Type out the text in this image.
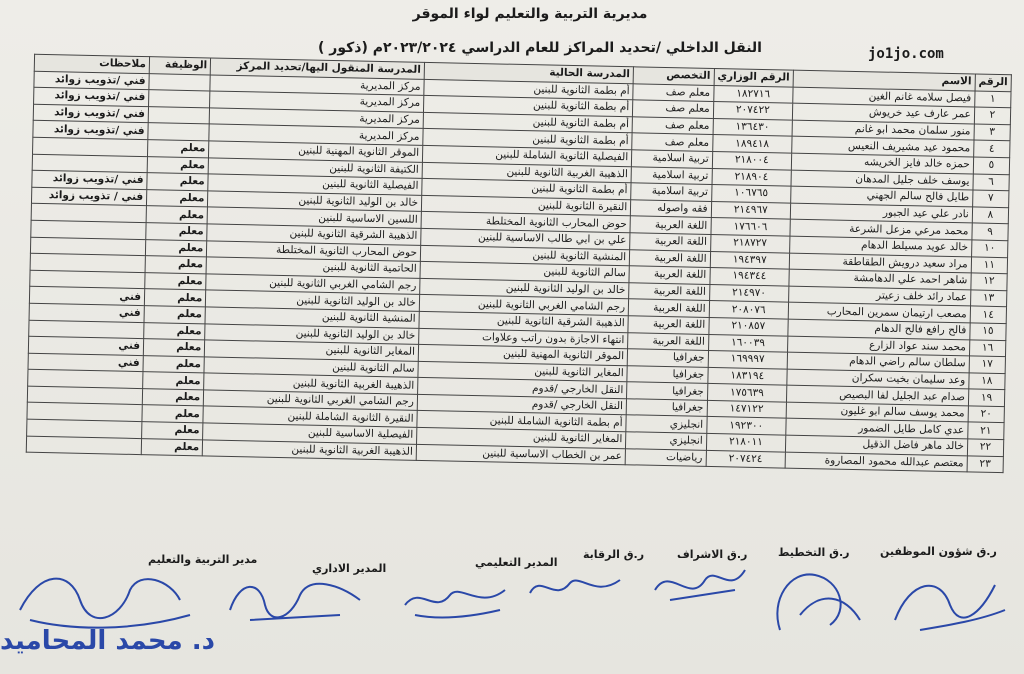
مديرية التربية والتعليم لواء الموقر
النقل الداخلي /تحديد المراكز للعام الدراسي ٢٠٢٣/٢٠٢٤م (ذكور )	jo1jo.com
الرقم	الاسم	الرقم الوزاري	التخصص	المدرسة الحالية	المدرسة المنقول اليها/تحديد المركز	الوظيفة	ملاحظات
١	فيصل سلامه غانم الغين	١٨٢٧١٦	معلم صف	أم بطمة الثانوية للبنين	مركز المديرية		فني /تذويب زوائد
٢	عمر عارف عيد خريوش	٢٠٧٤٢٢	معلم صف	أم بطمة الثانوية للبنين	مركز المديرية		فني /تذويب زوائد
٣	منور سلمان محمد ابو غانم	١٣٦٤٣٠	معلم صف	أم بطمة الثانوية للبنين	مركز المديرية		فني /تذويب زوائد
٤	محمود عيد مشيريف النعيس	١٨٩٤١٨	معلم صف	أم بطمة الثانوية للبنين	مركز المديرية		فني /تذويب زوائد
٥	حمزه خالد فايز الخريشه	٢١٨٠٠٤	تربية اسلامية	الفيصلية الثانوية الشاملة للبنين	الموقر الثانوية المهنية للبنين	معلم	
٦	يوسف خلف جليل المدهان	٢١٨٩٠٤	تربية اسلامية	الذهيبة الغربية الثانوية للبنين	الكتيفة الثانوية للبنين	معلم	
٧	طايل فالح سالم الجهني	١٠٦٧٦٥	تربية اسلامية	أم بطمة الثانوية للبنين	الفيصلية الثانوية للبنين	معلم	فني /تذويب زوائد
٨	نادر علي عيد الجبور	٢١٤٩٦٧	فقه واصوله	النقيرة الثانوية للبنين	خالد بن الوليد الثانوية للبنين	معلم	فني / تذويب زوائد
٩	محمد مرعي مزعل الشرعة	١٧٦٦٠٦	اللغة العربية	حوض المحارب الثانوية المختلطة	اللسين الاساسية للبنين	معلم	
١٠	خالد عويد مسيلط الدهام	٢١٨٧٢٧	اللغة العربية	علي بن ابي طالب الاساسية للبنين	الذهيبة الشرقية الثانوية للبنين	معلم	
١١	مراد سعيد درويش الطقاطقة	١٩٤٣٩٧	اللغة العربية	المنشية الثانوية للبنين	حوض المحارب الثانوية المختلطة	معلم	
١٢	شاهر احمد علي الدهامشة	١٩٤٣٤٤	اللغة العربية	سالم الثانوية للبنين	الحاتمية الثانوية للبنين	معلم	
١٣	عماد رائد خلف زعيتر	٢١٤٩٧٠	اللغة العربية	خالد بن الوليد الثانوية للبنين	رجم الشامي الغربي الثانوية للبنين	معلم	
١٤	مصعب ارتيمان سمرين المحارب	٢٠٨٠٧٦	اللغة العربية	رجم الشامي الغربي الثانوية للبنين	خالد بن الوليد الثانوية للبنين	معلم	فني
١٥	فالح رافع فالح الدهام	٢١٠٨٥٧	اللغة العربية	الذهيبة الشرقية الثانوية للبنين	المنشية الثانوية للبنين	معلم	فني
١٦	محمد سند عواد الزارع	١٦٠٠٣٩	اللغة العربية	انتهاء الاجازة بدون راتب وعلاوات	خالد بن الوليد الثانوية للبنين	معلم	
١٧	سلطان سالم راضي الدهام	١٦٩٩٩٧	جغرافيا	الموقر الثانوية المهنية للبنين	المغاير الثانوية للبنين	معلم	فني
١٨	وعد سليمان بخيت سكران	١٨٣١٩٤	جغرافيا	المغاير الثانوية للبنين	سالم الثانوية للبنين	معلم	فني
١٩	صدام عبد الجليل لفا البصيص	١٧٥٦٣٩	جغرافيا	النقل الخارجي /قدوم	الذهيبة الغربية الثانوية للبنين	معلم	
٢٠	محمد يوسف سالم ابو غليون	١٤٧١٢٢	جغرافيا	النقل الخارجي /قدوم	رجم الشامي الغربي الثانوية للبنين	معلم	
٢١	عدي كامل طايل الضمور	١٩٢٣٠٠	انجليزي	أم بطمة الثانوية الشاملة للبنين	النقيرة الثانوية الشاملة للبنين	معلم	
٢٢	خالد ماهر فاضل الذقيل	٢١٨٠١١	انجليزي	المغاير الثانوية للبنين	الفيصلية الاساسية للبنين	معلم	
٢٣	معتصم عبدالله محمود المصاروة	٢٠٧٤٢٤	رياضيات	عمر بن الخطاب الاساسية للبنين	الذهيبة الغربية الثانوية للبنين	معلم	
مدير التربية والتعليم
المدير الاداري	المدير التعليمي
ر.ق الرقابة	ر.ق الاشراف	ر.ق التخطيط	ر.ق شؤون الموظفين
د. محمد المحاميد
